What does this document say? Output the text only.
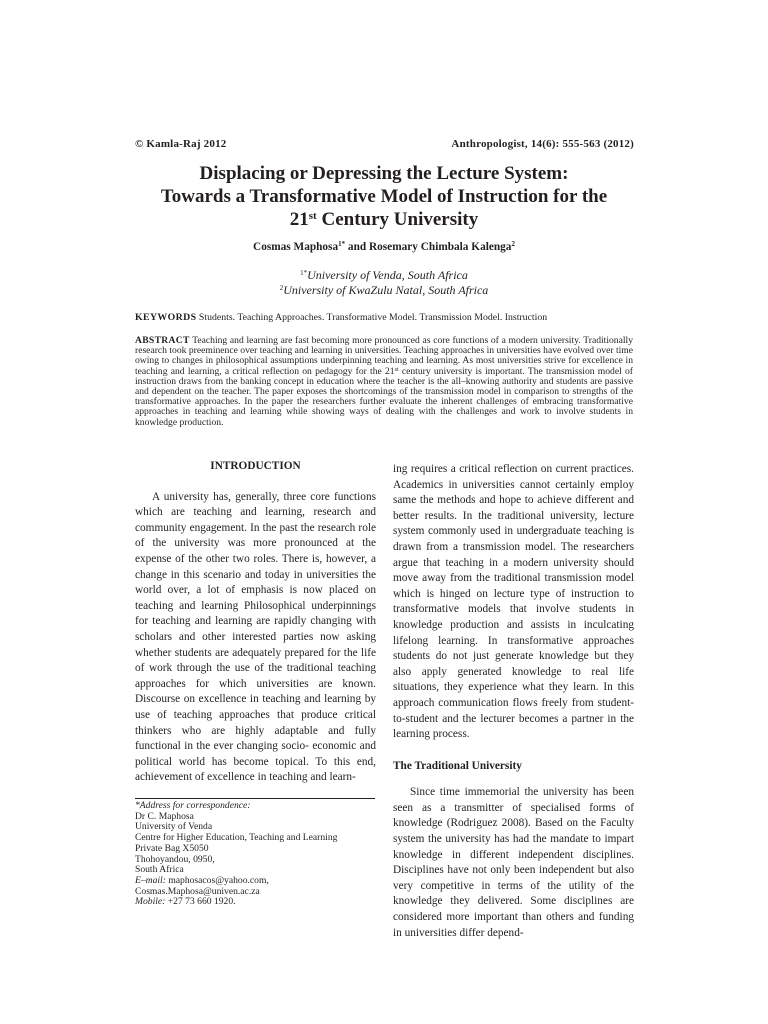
© Kamla-Raj 2012	Anthropologist, 14(6): 555-563 (2012)
Displacing or Depressing the Lecture System:
Towards a Transformative Model of Instruction for the
21st Century University
Cosmas Maphosa$^{1*}$ and Rosemary Chimbala Kalenga$^2$
$^{1*}$University of Venda, South Africa
$^2$University of KwaZulu Natal, South Africa
KEYWORDS Students. Teaching Approaches. Transformative Model. Transmission Model. Instruction
ABSTRACT Teaching and learning are fast becoming more pronounced as core functions of a modern university. Traditionally research took preeminence over teaching and learning in universities. Teaching approaches in universities have evolved over time owing to changes in philosophical assumptions underpinning teaching and learning. As most universities strive for excellence in teaching and learning, a critical reflection on pedagogy for the 21st century university is important. The transmission model of instruction draws from the banking concept in education where the teacher is the all–knowing authority and students are passive and dependent on the teacher. The paper exposes the shortcomings of the transmission model in comparison to strengths of the transformative approaches. In the paper the researchers further evaluate the inherent challenges of embracing transformative approaches in teaching and learning while showing ways of dealing with the challenges and work to involve students in knowledge production.
INTRODUCTION

A university has, generally, three core functions which are teaching and learning, research and community engagement. In the past the research role of the university was more pronounced at the expense of the other two roles. There is, however, a change in this scenario and today in universities the world over, a lot of emphasis is now placed on teaching and learning Philosophical underpinnings for teaching and learning are rapidly changing with scholars and other interested parties now asking whether students are adequately prepared for the life of work through the use of the traditional teaching approaches for which universities are known. Discourse on excellence in teaching and learning by use of teaching approaches that produce critical thinkers who are highly adaptable and fully functional in the ever changing socio- economic and political world has become topical. To this end, achievement of excellence in teaching and learn-

ing requires a critical reflection on current practices. Academics in universities cannot certainly employ same the methods and hope to achieve different and better results. In the traditional university, lecture system commonly used in undergraduate teaching is drawn from a transmission model. The researchers argue that teaching in a modern university should move away from the traditional transmission model which is hinged on lecture type of instruction to transformative models that involve students in knowledge production and assists in inculcating lifelong learning. In transformative approaches students do not just generate knowledge but they also apply generated knowledge to real life situations, they experience what they learn. In this approach communication flows freely from student-to-student and the lecturer becomes a partner in the learning process.

The Traditional University

Since time immemorial the university has been seen as a transmitter of specialised forms of knowledge (Rodriguez 2008). Based on the Faculty system the university has had the mandate to impart knowledge in different independent disciplines. Disciplines have not only been independent but also very competitive in terms of the utility of the knowledge they delivered. Some disciplines are considered more important than others and funding in universities differ depend-

*Address for correspondence:
Dr C. Maphosa
University of Venda
Centre for Higher Education, Teaching and Learning
Private Bag X5050
Thohoyandou, 0950,
South Africa
E–mail: maphosacos@yahoo.com,
Cosmas.Maphosa@univen.ac.za
Mobile: +27 73 660 1920.
